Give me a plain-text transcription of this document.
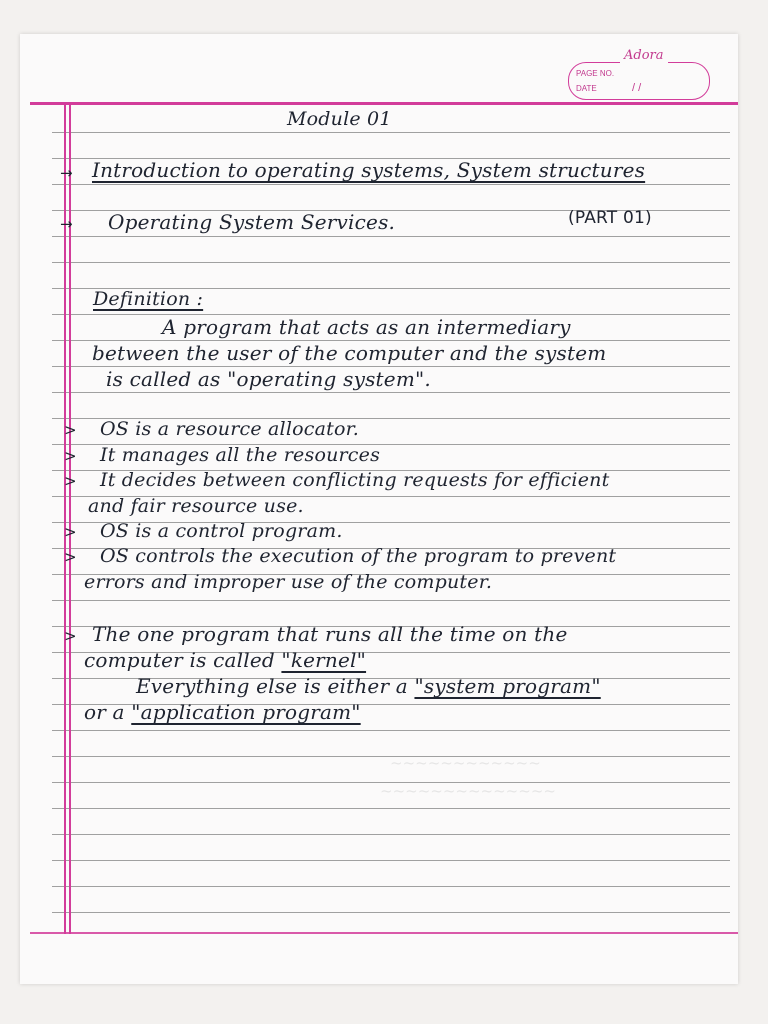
Adora
PAGE NO.
DATE	/ /
Module 01
→ Introduction to operating systems, System structures
→ Operating System Services.	(PART 01)
Definition :
A program that acts as an intermediary
between the user of the computer and the system
is called as "operating system".
> OS is a resource allocator.
> It manages all the resources
> It decides between conflicting requests for efficient
and fair resource use.
> OS is a control program.
> OS controls the execution of the program to prevent
errors and improper use of the computer.
> The one program that runs all the time on the
computer is called "kernel"
Everything else is either a "system program"
or a "application program"
~~~~~~~~~~~~
~~~~~~~~~~~~~~
